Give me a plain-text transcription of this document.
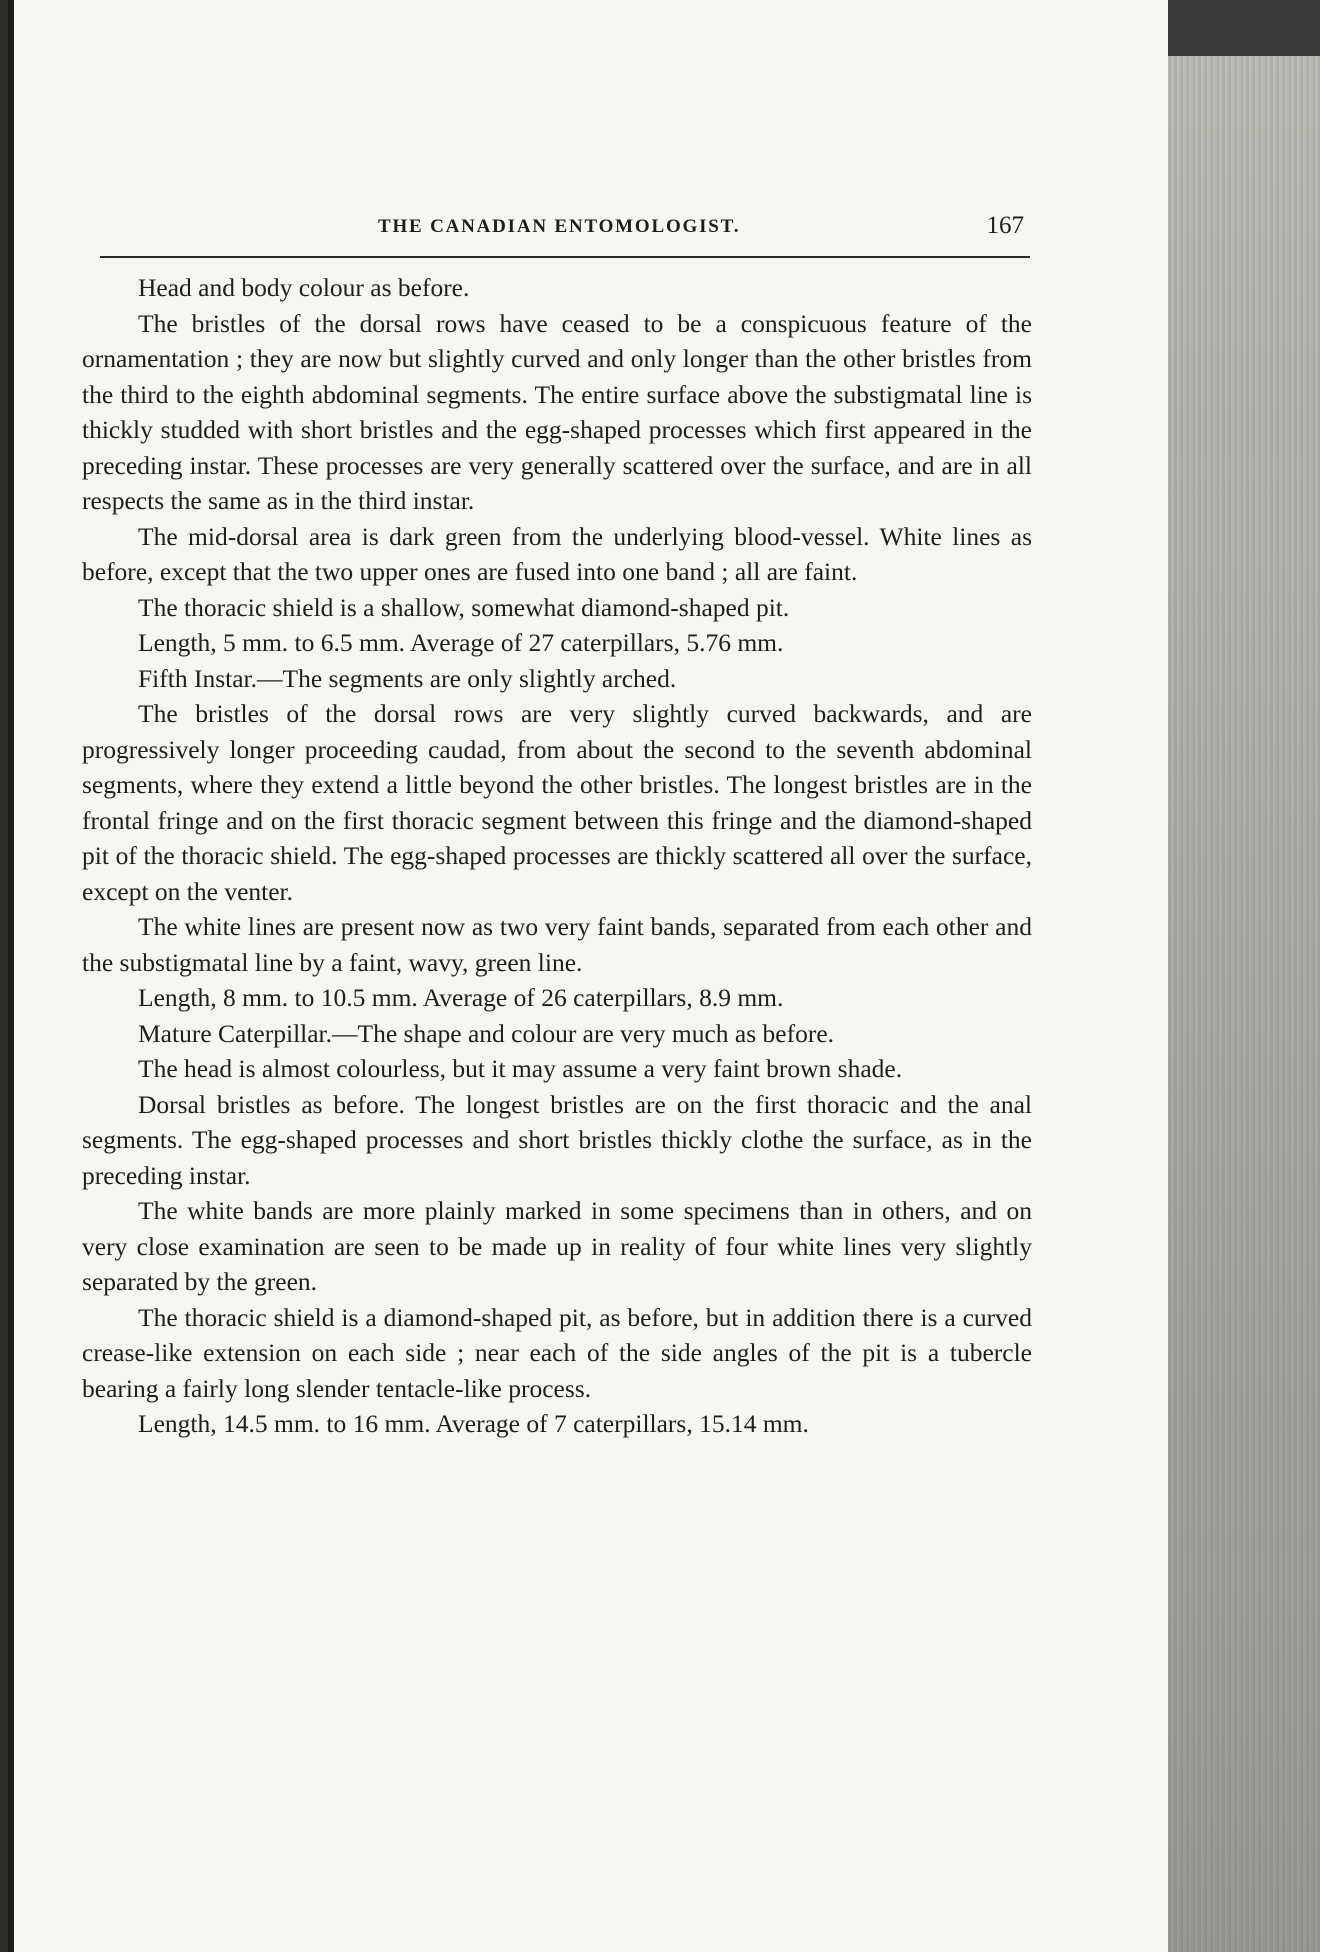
THE CANADIAN ENTOMOLOGIST.	167

Head and body colour as before.

The bristles of the dorsal rows have ceased to be a conspicuous feature of the ornamentation ; they are now but slightly curved and only longer than the other bristles from the third to the eighth abdominal segments. The entire surface above the substigmatal line is thickly studded with short bristles and the egg-shaped processes which first appeared in the preceding instar. These processes are very generally scattered over the surface, and are in all respects the same as in the third instar.

The mid-dorsal area is dark green from the underlying blood-vessel. White lines as before, except that the two upper ones are fused into one band ; all are faint.

The thoracic shield is a shallow, somewhat diamond-shaped pit.

Length, 5 mm. to 6.5 mm. Average of 27 caterpillars, 5.76 mm.

Fifth Instar.—The segments are only slightly arched.

The bristles of the dorsal rows are very slightly curved backwards, and are progressively longer proceeding caudad, from about the second to the seventh abdominal segments, where they extend a little beyond the other bristles. The longest bristles are in the frontal fringe and on the first thoracic segment between this fringe and the diamond-shaped pit of the thoracic shield. The egg-shaped processes are thickly scattered all over the surface, except on the venter.

The white lines are present now as two very faint bands, separated from each other and the substigmatal line by a faint, wavy, green line.

Length, 8 mm. to 10.5 mm. Average of 26 caterpillars, 8.9 mm.

Mature Caterpillar.—The shape and colour are very much as before.

The head is almost colourless, but it may assume a very faint brown shade.

Dorsal bristles as before. The longest bristles are on the first thoracic and the anal segments. The egg-shaped processes and short bristles thickly clothe the surface, as in the preceding instar.

The white bands are more plainly marked in some specimens than in others, and on very close examination are seen to be made up in reality of four white lines very slightly separated by the green.

The thoracic shield is a diamond-shaped pit, as before, but in addition there is a curved crease-like extension on each side ; near each of the side angles of the pit is a tubercle bearing a fairly long slender tentacle-like process.

Length, 14.5 mm. to 16 mm. Average of 7 caterpillars, 15.14 mm.
